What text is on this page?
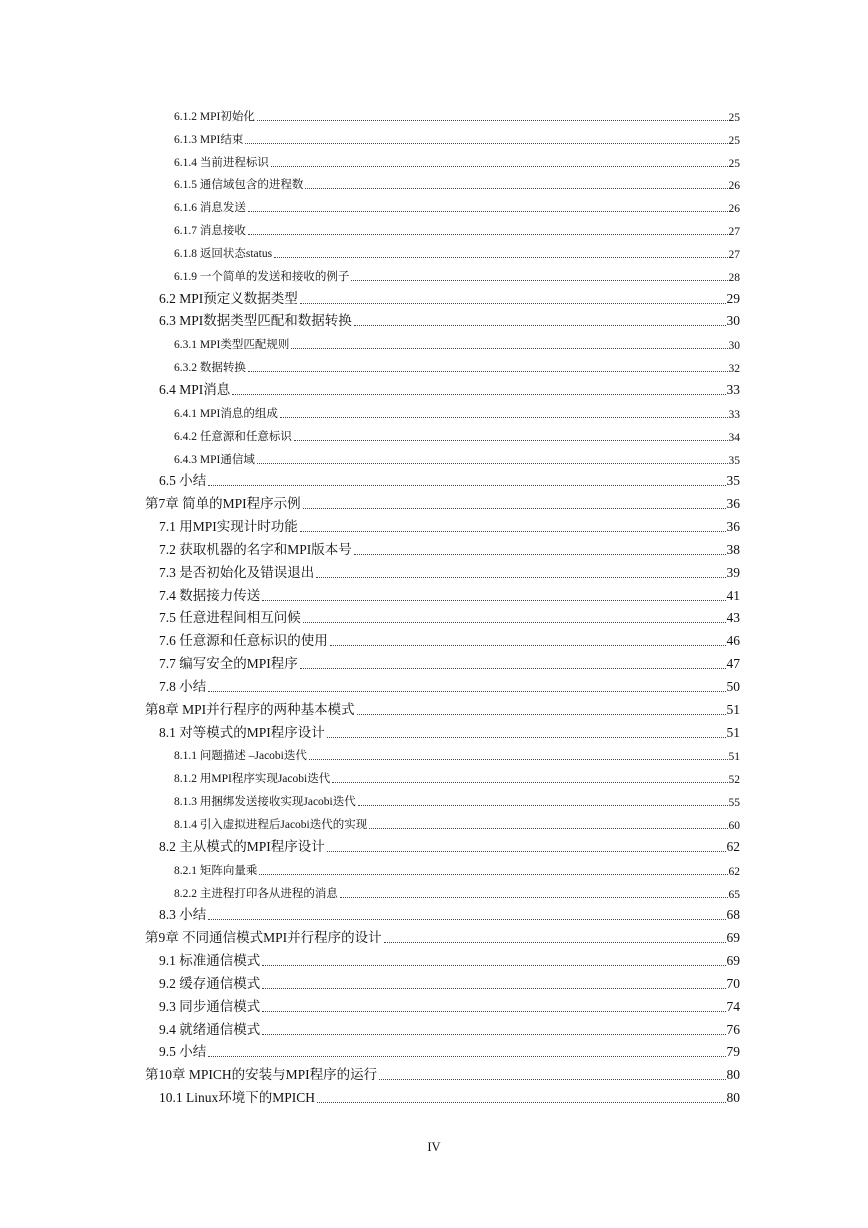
6.1.2 MPI初始化	25
6.1.3 MPI结束	25
6.1.4 当前进程标识	25
6.1.5 通信域包含的进程数	26
6.1.6 消息发送	26
6.1.7 消息接收	27
6.1.8 返回状态status	27
6.1.9 一个简单的发送和接收的例子	28
6.2 MPI预定义数据类型	29
6.3 MPI数据类型匹配和数据转换	30
6.3.1 MPI类型匹配规则	30
6.3.2 数据转换	32
6.4 MPI消息	33
6.4.1 MPI消息的组成	33
6.4.2 任意源和任意标识	34
6.4.3 MPI通信域	35
6.5 小结	35
第7章 简单的MPI程序示例	36
7.1 用MPI实现计时功能	36
7.2 获取机器的名字和MPI版本号	38
7.3 是否初始化及错误退出	39
7.4 数据接力传送	41
7.5 任意进程间相互问候	43
7.6 任意源和任意标识的使用	46
7.7 编写安全的MPI程序	47
7.8 小结	50
第8章 MPI并行程序的两种基本模式	51
8.1 对等模式的MPI程序设计	51
8.1.1 问题描述 –Jacobi迭代	51
8.1.2 用MPI程序实现Jacobi迭代	52
8.1.3 用捆绑发送接收实现Jacobi迭代	55
8.1.4 引入虚拟进程后Jacobi迭代的实现	60
8.2 主从模式的MPI程序设计	62
8.2.1 矩阵向量乘	62
8.2.2 主进程打印各从进程的消息	65
8.3 小结	68
第9章 不同通信模式MPI并行程序的设计	69
9.1 标准通信模式	69
9.2 缓存通信模式	70
9.3 同步通信模式	74
9.4 就绪通信模式	76
9.5 小结	79
第10章 MPICH的安装与MPI程序的运行	80
10.1 Linux环境下的MPICH	80
IV
